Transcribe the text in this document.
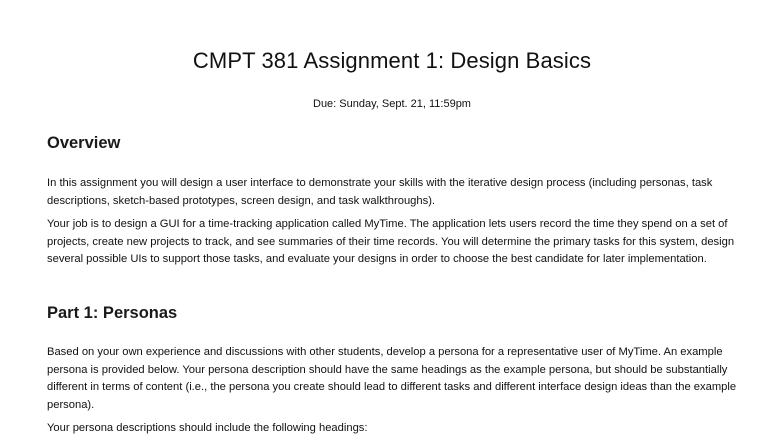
CMPT 381 Assignment 1: Design Basics
Due: Sunday, Sept. 21, 11:59pm
Overview
In this assignment you will design a user interface to demonstrate your skills with the iterative design process (including personas, task descriptions, sketch-based prototypes, screen design, and task walkthroughs).
Your job is to design a GUI for a time-tracking application called MyTime. The application lets users record the time they spend on a set of projects, create new projects to track, and see summaries of their time records. You will determine the primary tasks for this system, design several possible UIs to support those tasks, and evaluate your designs in order to choose the best candidate for later implementation.
Part 1: Personas
Based on your own experience and discussions with other students, develop a persona for a representative user of MyTime. An example persona is provided below. Your persona description should have the same headings as the example persona, but should be substantially different in terms of content (i.e., the persona you create should lead to different tasks and different interface design ideas than the example persona).
Your persona descriptions should include the following headings:
